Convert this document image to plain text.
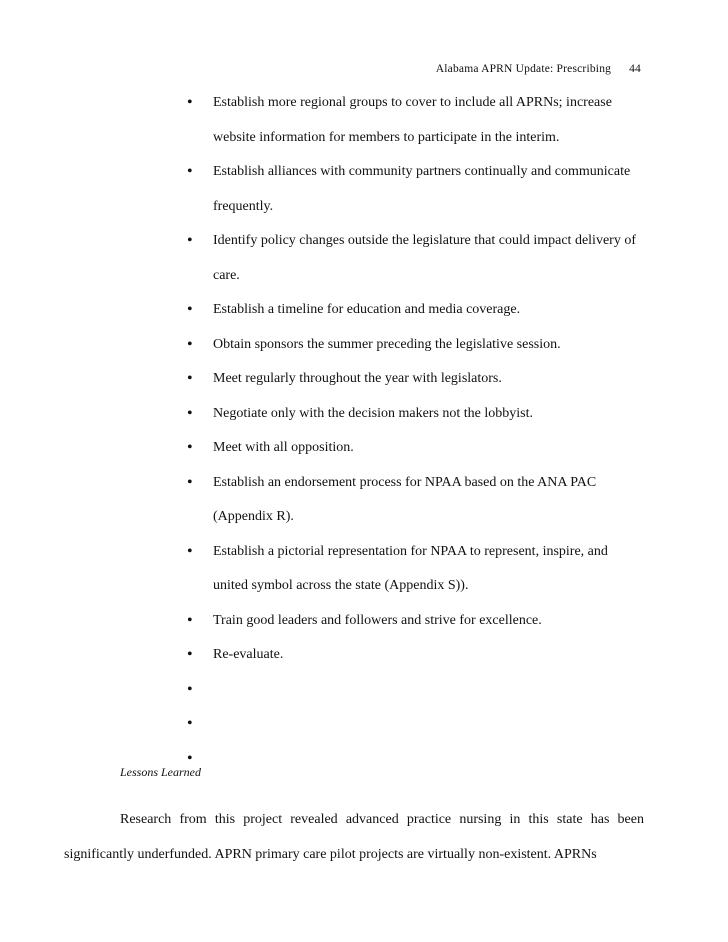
Alabama APRN Update: Prescribing 44
• Establish more regional groups to cover to include all APRNs; increase website information for members to participate in the interim.
• Establish alliances with community partners continually and communicate frequently.
• Identify policy changes outside the legislature that could impact delivery of care.
• Establish a timeline for education and media coverage.
• Obtain sponsors the summer preceding the legislative session.
• Meet regularly throughout the year with legislators.
• Negotiate only with the decision makers not the lobbyist.
• Meet with all opposition.
• Establish an endorsement process for NPAA based on the ANA PAC (Appendix R).
• Establish a pictorial representation for NPAA to represent, inspire, and united symbol across the state (Appendix S)).
• Train good leaders and followers and strive for excellence.
• Re-evaluate.
•

•

•

Lessons Learned

Research from this project revealed advanced practice nursing in this state has been significantly underfunded. APRN primary care pilot projects are virtually non-existent. APRNs
